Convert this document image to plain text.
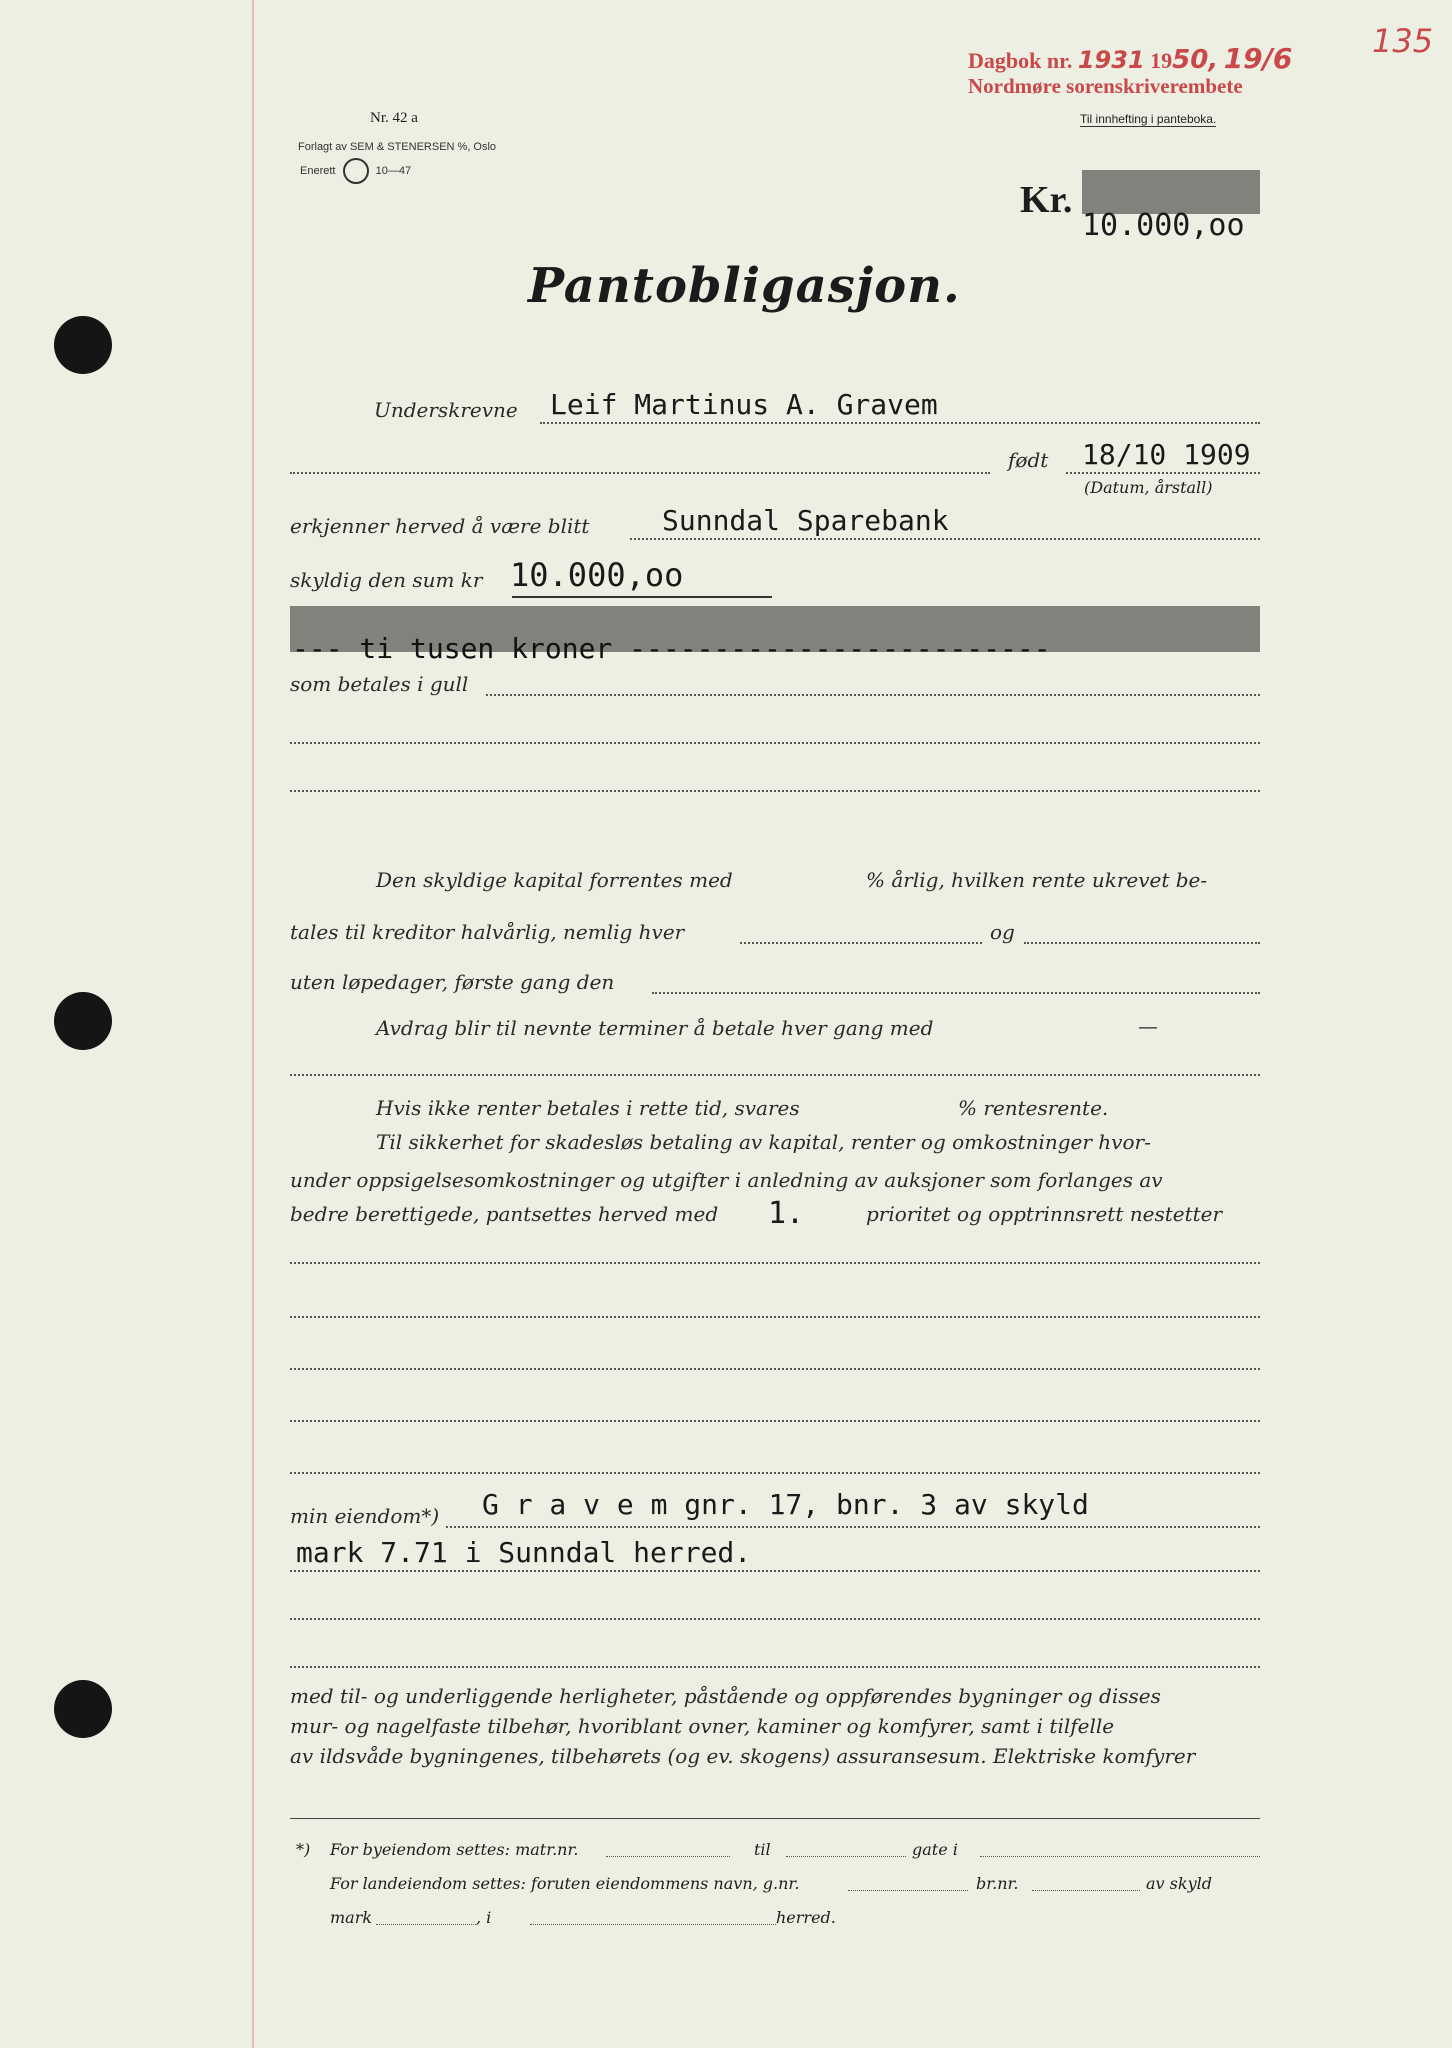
Dagbok nr. 1931 1950, 19/6 135
Nordmøre sorenskriverembete
Til innhefting i panteboka.
Nr. 42 a
Forlagt av SEM & STENERSEN %, Oslo
Enerett	10—47
Kr.
10.000,oo
Pantobligasjon.
Underskrevne Leif Martinus A. Gravem
født 18/10 1909
(Datum, årstall)
erkjenner herved å være blitt	Sunndal Sparebank
skyldig den sum kr 10.000,oo
--- ti tusen kroner -------------------------
som betales i gull
Den skyldige kapital forrentes med	% årlig, hvilken rente ukrevet be-
tales til kreditor halvårlig, nemlig hver	og
uten løpedager, første gang den
Avdrag blir til nevnte terminer å betale hver gang med	—
Hvis ikke renter betales i rette tid, svares	% rentesrente.
Til sikkerhet for skadesløs betaling av kapital, renter og omkostninger hvor-
under oppsigelsesomkostninger og utgifter i anledning av auksjoner som forlanges av
bedre berettigede, pantsettes herved med 1.	prioritet og opptrinnsrett nestetter
min eiendom*) G r a v e m gnr. 17, bnr. 3 av skyld
mark 7.71 i Sunndal herred.
med til- og underliggende herligheter, påstående og oppførendes bygninger og disses
mur- og nagelfaste tilbehør, hvoriblant ovner, kaminer og komfyrer, samt i tilfelle
av ildsvåde bygningenes, tilbehørets (og ev. skogens) assuransesum. Elektriske komfyrer
*) For byeiendom settes: matr.nr.	til	gate i
For landeiendom settes: foruten eiendommens navn, g.nr.	br.nr.	av skyld
mark	, i	herred.
